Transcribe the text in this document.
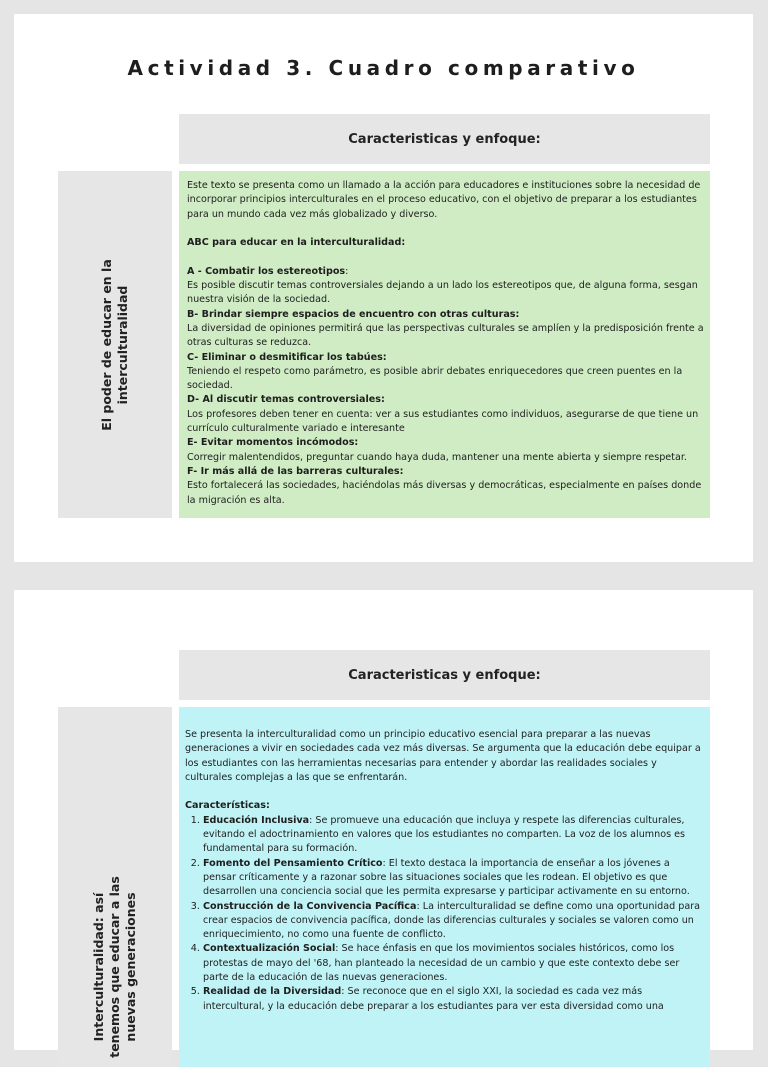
Actividad 3. Cuadro comparativo
Caracteristicas y enfoque:
El poder de educar en la interculturalidad

Este texto se presenta como un llamado a la acción para educadores e instituciones sobre la necesidad de incorporar principios interculturales en el proceso educativo, con el objetivo de preparar a los estudiantes para un mundo cada vez más globalizado y diverso.

ABC para educar en la interculturalidad:

A - Combatir los estereotipos:

Es posible discutir temas controversiales dejando a un lado los estereotipos que, de alguna forma, sesgan nuestra visión de la sociedad.

B- Brindar siempre espacios de encuentro con otras culturas:

La diversidad de opiniones permitirá que las perspectivas culturales se amplíen y la predisposición frente a otras culturas se reduzca.

C- Eliminar o desmitificar los tabúes:

Teniendo el respeto como parámetro, es posible abrir debates enriquecedores que creen puentes en la sociedad.

D- Al discutir temas controversiales:

Los profesores deben tener en cuenta: ver a sus estudiantes como individuos, asegurarse de que tiene un currículo culturalmente variado e interesante

E- Evitar momentos incómodos:

Corregir malentendidos, preguntar cuando haya duda, mantener una mente abierta y siempre respetar.

F- Ir más allá de las barreras culturales:

Esto fortalecerá las sociedades, haciéndolas más diversas y democráticas, especialmente en países donde la migración es alta.

Caracteristicas y enfoque:
Interculturalidad: así tenemos que educar a las nuevas generaciones

Se presenta la interculturalidad como un principio educativo esencial para preparar a las nuevas generaciones a vivir en sociedades cada vez más diversas. Se argumenta que la educación debe equipar a los estudiantes con las herramientas necesarias para entender y abordar las realidades sociales y culturales complejas a las que se enfrentarán.

Características:

1. Educación Inclusiva: Se promueve una educación que incluya y respete las diferencias culturales, evitando el adoctrinamiento en valores que los estudiantes no comparten. La voz de los alumnos es fundamental para su formación.
2. Fomento del Pensamiento Crítico: El texto destaca la importancia de enseñar a los jóvenes a pensar críticamente y a razonar sobre las situaciones sociales que les rodean. El objetivo es que desarrollen una conciencia social que les permita expresarse y participar activamente en su entorno.
3. Construcción de la Convivencia Pacífica: La interculturalidad se define como una oportunidad para crear espacios de convivencia pacífica, donde las diferencias culturales y sociales se valoren como un enriquecimiento, no como una fuente de conflicto.
4. Contextualización Social: Se hace énfasis en que los movimientos sociales históricos, como los protestas de mayo del '68, han planteado la necesidad de un cambio y que este contexto debe ser parte de la educación de las nuevas generaciones.
5. Realidad de la Diversidad: Se reconoce que en el siglo XXI, la sociedad es cada vez más intercultural, y la educación debe preparar a los estudiantes para ver esta diversidad como una
